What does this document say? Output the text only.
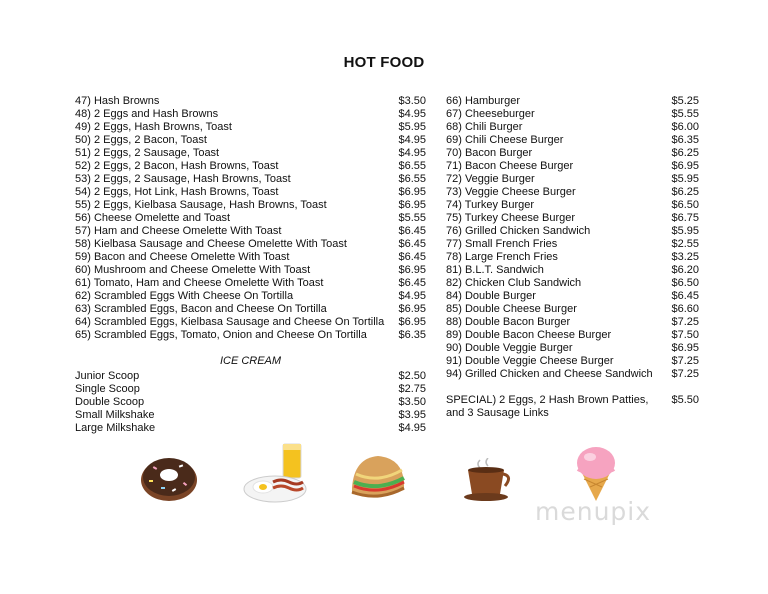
HOT FOOD
47) Hash Browns	$3.50
48) 2 Eggs and Hash Browns	$4.95
49) 2 Eggs, Hash Browns, Toast	$5.95
50) 2 Eggs, 2 Bacon, Toast	$4.95
51) 2 Eggs, 2 Sausage, Toast	$4.95
52) 2 Eggs, 2 Bacon, Hash Browns, Toast	$6.55
53) 2 Eggs, 2 Sausage, Hash Browns, Toast	$6.55
54) 2 Eggs, Hot Link, Hash Browns, Toast	$6.95
55) 2 Eggs, Kielbasa Sausage, Hash Browns, Toast	$6.95
56) Cheese Omelette and Toast	$5.55
57) Ham and Cheese Omelette With Toast	$6.45
58) Kielbasa Sausage and Cheese Omelette With Toast	$6.45
59) Bacon and Cheese Omelette With Toast	$6.45
60) Mushroom and Cheese Omelette With Toast	$6.95
61) Tomato, Ham and Cheese Omelette With Toast	$6.45
62) Scrambled Eggs With Cheese On Tortilla	$4.95
63) Scrambled Eggs, Bacon and Cheese On Tortilla	$6.95
64) Scrambled Eggs, Kielbasa Sausage and Cheese On Tortilla $6.95
65) Scrambled Eggs, Tomato, Onion and Cheese On Tortilla	$6.35
ICE CREAM
Junior Scoop	$2.50
Single Scoop	$2.75
Double Scoop	$3.50
Small Milkshake	$3.95
Large Milkshake	$4.95
66) Hamburger	$5.25
67) Cheeseburger	$5.55
68) Chili Burger	$6.00
69) Chili Cheese Burger	$6.35
70) Bacon Burger	$6.25
71) Bacon Cheese Burger	$6.95
72) Veggie Burger	$5.95
73) Veggie Cheese Burger	$6.25
74) Turkey Burger	$6.50
75) Turkey Cheese Burger	$6.75
76) Grilled Chicken Sandwich	$5.95
77) Small French Fries	$2.55
78) Large French Fries	$3.25
81) B.L.T. Sandwich	$6.20
82) Chicken Club Sandwich	$6.50
84) Double Burger	$6.45
85) Double Cheese Burger	$6.60
88) Double Bacon Burger	$7.25
89) Double Bacon Cheese Burger	$7.50
90) Double Veggie Burger	$6.95
91) Double Veggie Cheese Burger	$7.25
94) Grilled Chicken and Cheese Sandwich $7.25
SPECIAL) 2 Eggs, 2 Hash Brown Patties, and 3 Sausage Links
$5.50
menupix
